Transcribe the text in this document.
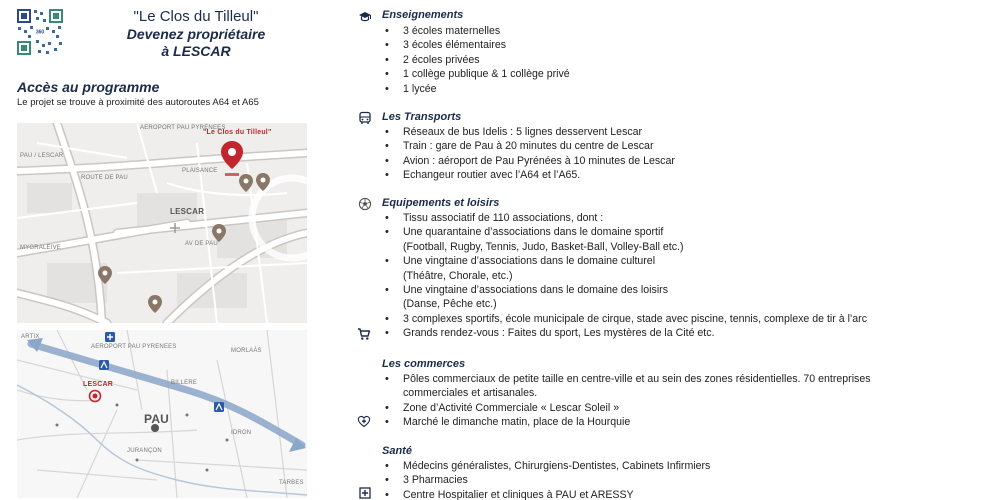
360
"Le Clos du Tilleul"
Devenez propriétaire
à LESCAR
Accès au programme
Le projet se trouve à proximité des autoroutes A64 et A65
"Le Clos du Tilleul"
LESCAR
AEROPORT PAU PYRENEES
PAU / LESCAR
ROUTE DE PAU
PLAISANCE
MYGRALEIVE
AV DE PAU
LESCAR
PAU
ARTIX
AEROPORT PAU PYRENEES
BILLERE
JURANÇON
MORLAÀS
IDRON
TARBES
Enseignements
• 3 écoles maternelles
• 3 écoles élémentaires
• 2 écoles privées
• 1 collège publique & 1 collège privé
• 1 lycée
Les Transports
• Réseaux de bus Idelis : 5 lignes desservent Lescar
• Train : gare de Pau à 20 minutes du centre de Lescar
• Avion : aéroport de Pau Pyrénées à 10 minutes de Lescar
• Echangeur routier avec l’A64 et l’A65.
Equipements et loisirs
• Tissu associatif de 110 associations, dont :
• Une quarantaine d’associations dans le domaine sportif
(Football, Rugby, Tennis, Judo, Basket-Ball, Volley-Ball etc.)
• Une vingtaine d’associations dans le domaine culturel
(Théâtre, Chorale, etc.)
• Une vingtaine d’associations dans le domaine des loisirs
(Danse, Pêche etc.)
• 3 complexes sportifs, école municipale de cirque, stade avec piscine, tennis, complexe de tir à l’arc
• Grands rendez-vous : Faites du sport, Les mystères de la Cité etc.
Les commerces
• Pôles commerciaux de petite taille en centre-ville et au sein des zones résidentielles. 70 entreprises
commerciales et artisanales.
• Zone d’Activité Commerciale « Lescar Soleil »
• Marché le dimanche matin, place de la Hourquie
Santé
• Médecins généralistes, Chirurgiens-Dentistes, Cabinets Infirmiers
• 3 Pharmacies
• Centre Hospitalier et cliniques à PAU et ARESSY
